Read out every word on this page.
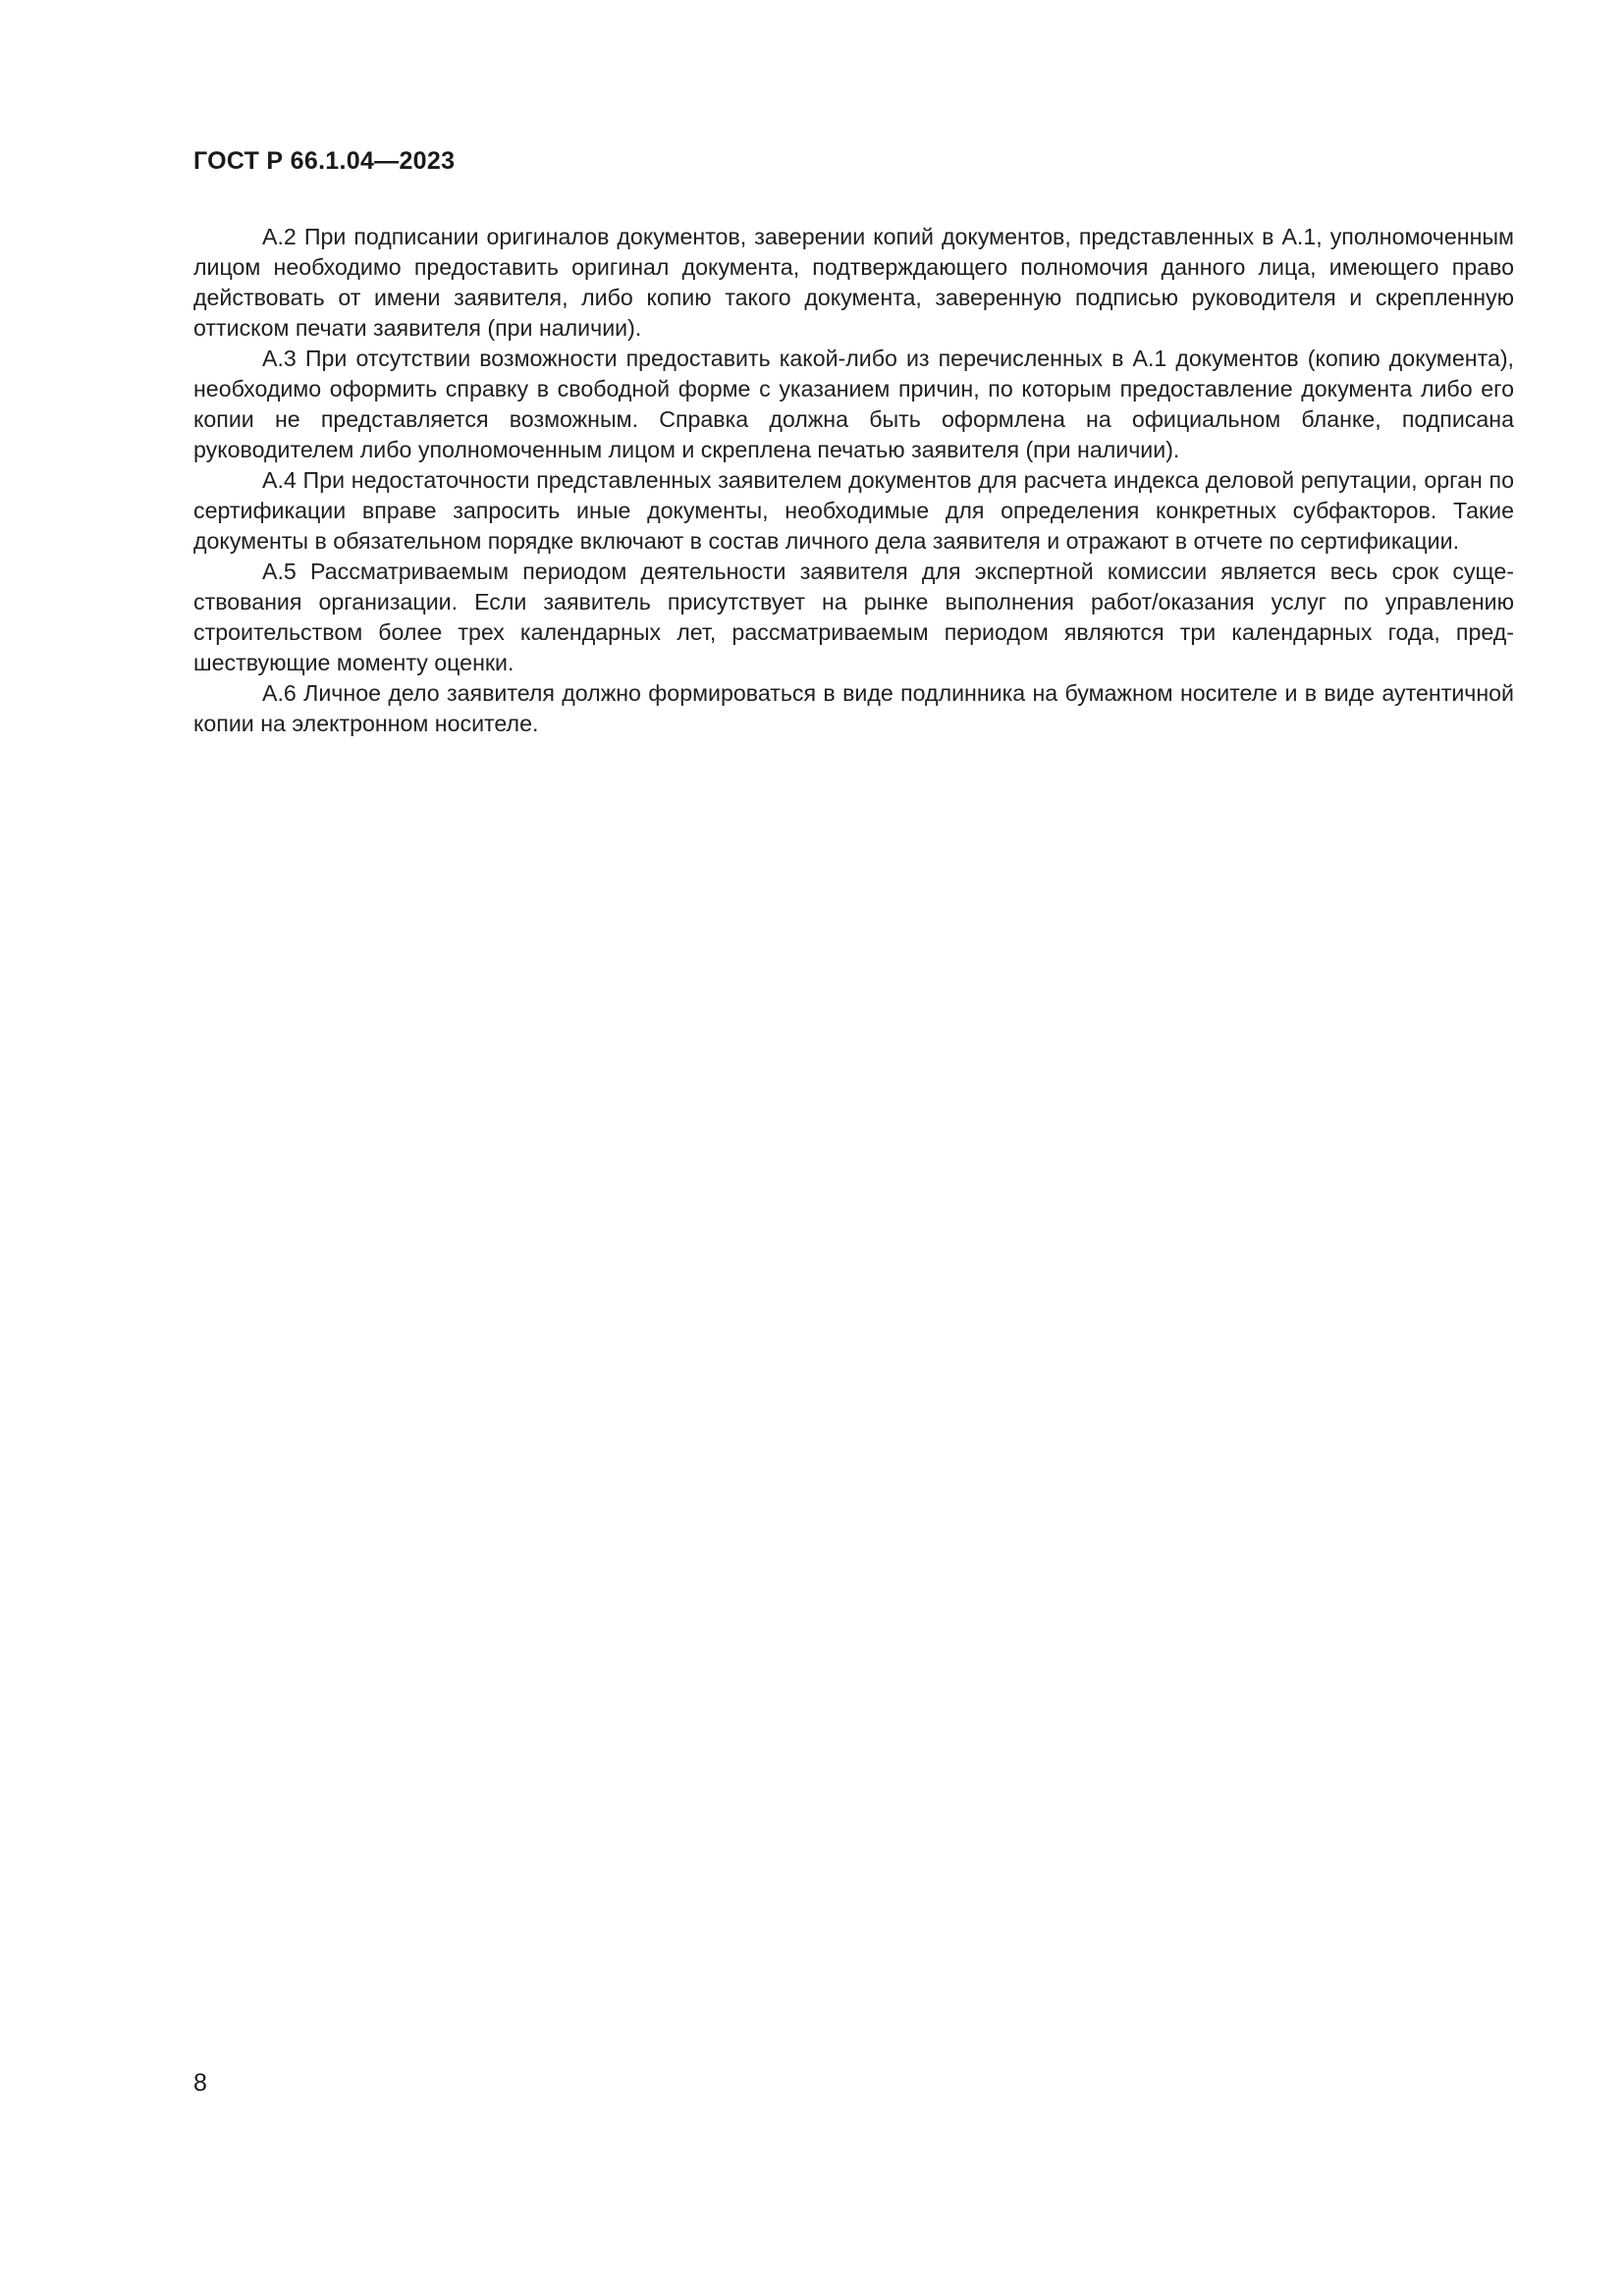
ГОСТ Р 66.1.04—2023

А.2 При подписании оригиналов документов, заверении копий документов, представленных в А.1, уполномоченным лицом необходимо предоставить оригинал документа, подтверждающего полномочия данного лица, имеющего право действовать от имени заявителя, либо копию такого документа, заверенную подписью руководителя и скрепленную оттиском печати заявителя (при наличии).

А.3 При отсутствии возможности предоставить какой-либо из перечисленных в А.1 документов (копию документа), необходимо оформить справку в свободной форме с указанием причин, по которым предоставление документа либо его копии не представляется возможным. Справка должна быть оформлена на официальном бланке, подписана руководителем либо уполномоченным лицом и скреплена печатью заявителя (при наличии).

А.4 При недостаточности представленных заявителем документов для расчета индекса деловой репутации, орган по сертификации вправе запросить иные документы, необходимые для определения конкретных субфакторов. Такие документы в обязательном порядке включают в состав личного дела заявителя и отражают в отчете по сертификации.

А.5 Рассматриваемым периодом деятельности заявителя для экспертной комиссии является весь срок существования организации. Если заявитель присутствует на рынке выполнения работ/оказания услуг по управлению строительством более трех календарных лет, рассматриваемым периодом являются три календарных года, предшествующие моменту оценки.

А.6 Личное дело заявителя должно формироваться в виде подлинника на бумажном носителе и в виде аутентичной копии на электронном носителе.

8
